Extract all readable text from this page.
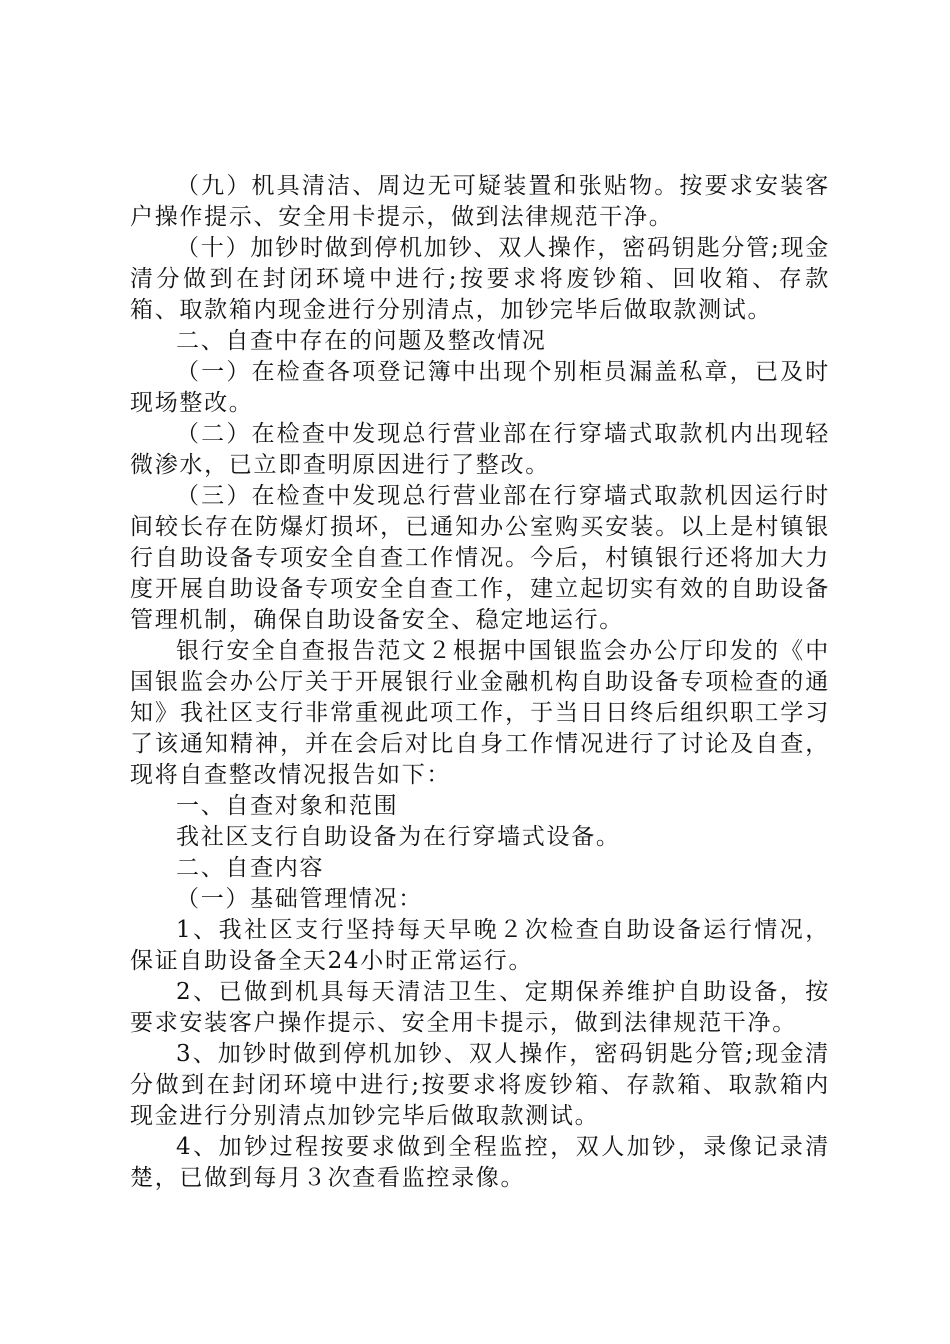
（九）机具清洁、周边无可疑装置和张贴物。按要求安装客户操作提示、安全用卡提示，做到法律规范干净。

（十）加钞时做到停机加钞、双人操作，密码钥匙分管;现金清分做到在封闭环境中进行;按要求将废钞箱、回收箱、存款箱、取款箱内现金进行分别清点，加钞完毕后做取款测试。

二、自查中存在的问题及整改情况

（一）在检查各项登记簿中出现个别柜员漏盖私章，已及时现场整改。

（二）在检查中发现总行营业部在行穿墙式取款机内出现轻微渗水，已立即查明原因进行了整改。

（三）在检查中发现总行营业部在行穿墙式取款机因运行时间较长存在防爆灯损坏，已通知办公室购买安装。以上是村镇银行自助设备专项安全自查工作情况。今后，村镇银行还将加大力度开展自助设备专项安全自查工作，建立起切实有效的自助设备管理机制，确保自助设备安全、稳定地运行。

银行安全自查报告范文２根据中国银监会办公厅印发的《中国银监会办公厅关于开展银行业金融机构自助设备专项检查的通知》我社区支行非常重视此项工作，于当日日终后组织职工学习了该通知精神，并在会后对比自身工作情况进行了讨论及自查，现将自查整改情况报告如下：

一、自查对象和范围

我社区支行自助设备为在行穿墙式设备。

二、自查内容

（一）基础管理情况：

1、我社区支行坚持每天早晚２次检查自助设备运行情况，保证自助设备全天24小时正常运行。

2、已做到机具每天清洁卫生、定期保养维护自助设备，按要求安装客户操作提示、安全用卡提示，做到法律规范干净。

3、加钞时做到停机加钞、双人操作，密码钥匙分管;现金清分做到在封闭环境中进行;按要求将废钞箱、存款箱、取款箱内现金进行分别清点加钞完毕后做取款测试。

4、加钞过程按要求做到全程监控，双人加钞，录像记录清楚，已做到每月３次查看监控录像。
